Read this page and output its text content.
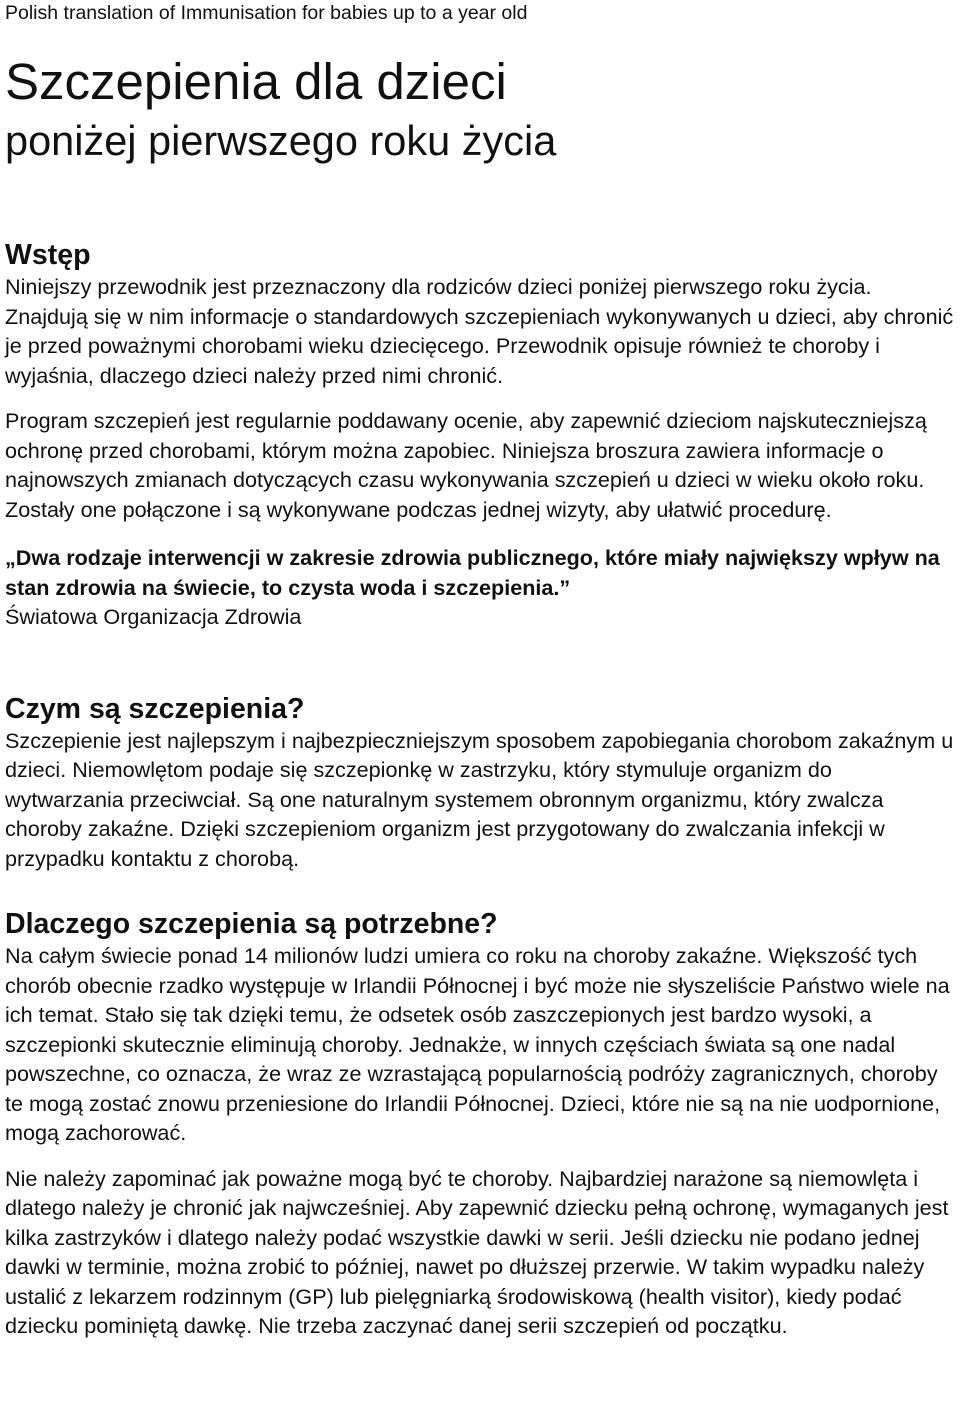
Polish translation of Immunisation for babies up to a year old

Szczepienia dla dzieci
poniżej pierwszego roku życia
Wstęp

Niniejszy przewodnik jest przeznaczony dla rodziców dzieci poniżej pierwszego roku życia. Znajdują się w nim informacje o standardowych szczepieniach wykonywanych u dzieci, aby chronić je przed poważnymi chorobami wieku dziecięcego. Przewodnik opisuje również te choroby i wyjaśnia, dlaczego dzieci należy przed nimi chronić.

Program szczepień jest regularnie poddawany ocenie, aby zapewnić dzieciom najskuteczniejszą ochronę przed chorobami, którym można zapobiec. Niniejsza broszura zawiera informacje o najnowszych zmianach dotyczących czasu wykonywania szczepień u dzieci w wieku około roku. Zostały one połączone i są wykonywane podczas jednej wizyty, aby ułatwić procedurę.

„Dwa rodzaje interwencji w zakresie zdrowia publicznego, które miały największy wpływ na stan zdrowia na świecie, to czysta woda i szczepienia.”
Światowa Organizacja Zdrowia

Czym są szczepienia?

Szczepienie jest najlepszym i najbezpieczniejszym sposobem zapobiegania chorobom zakaźnym u dzieci. Niemowlętom podaje się szczepionkę w zastrzyku, który stymuluje organizm do wytwarzania przeciwciał. Są one naturalnym systemem obronnym organizmu, który zwalcza choroby zakaźne. Dzięki szczepieniom organizm jest przygotowany do zwalczania infekcji w przypadku kontaktu z chorobą.

Dlaczego szczepienia są potrzebne?

Na całym świecie ponad 14 milionów ludzi umiera co roku na choroby zakaźne. Większość tych chorób obecnie rzadko występuje w Irlandii Północnej i być może nie słyszeliście Państwo wiele na ich temat. Stało się tak dzięki temu, że odsetek osób zaszczepionych jest bardzo wysoki, a szczepionki skutecznie eliminują choroby. Jednakże, w innych częściach świata są one nadal powszechne, co oznacza, że wraz ze wzrastającą popularnością podróży zagranicznych, choroby te mogą zostać znowu przeniesione do Irlandii Północnej. Dzieci, które nie są na nie uodpornione, mogą zachorować.

Nie należy zapominać jak poważne mogą być te choroby. Najbardziej narażone są niemowlęta i dlatego należy je chronić jak najwcześniej. Aby zapewnić dziecku pełną ochronę, wymaganych jest kilka zastrzyków i dlatego należy podać wszystkie dawki w serii. Jeśli dziecku nie podano jednej dawki w terminie, można zrobić to później, nawet po dłuższej przerwie. W takim wypadku należy ustalić z lekarzem rodzinnym (GP) lub pielęgniarką środowiskową (health visitor), kiedy podać dziecku pominiętą dawkę. Nie trzeba zaczynać danej serii szczepień od początku.
